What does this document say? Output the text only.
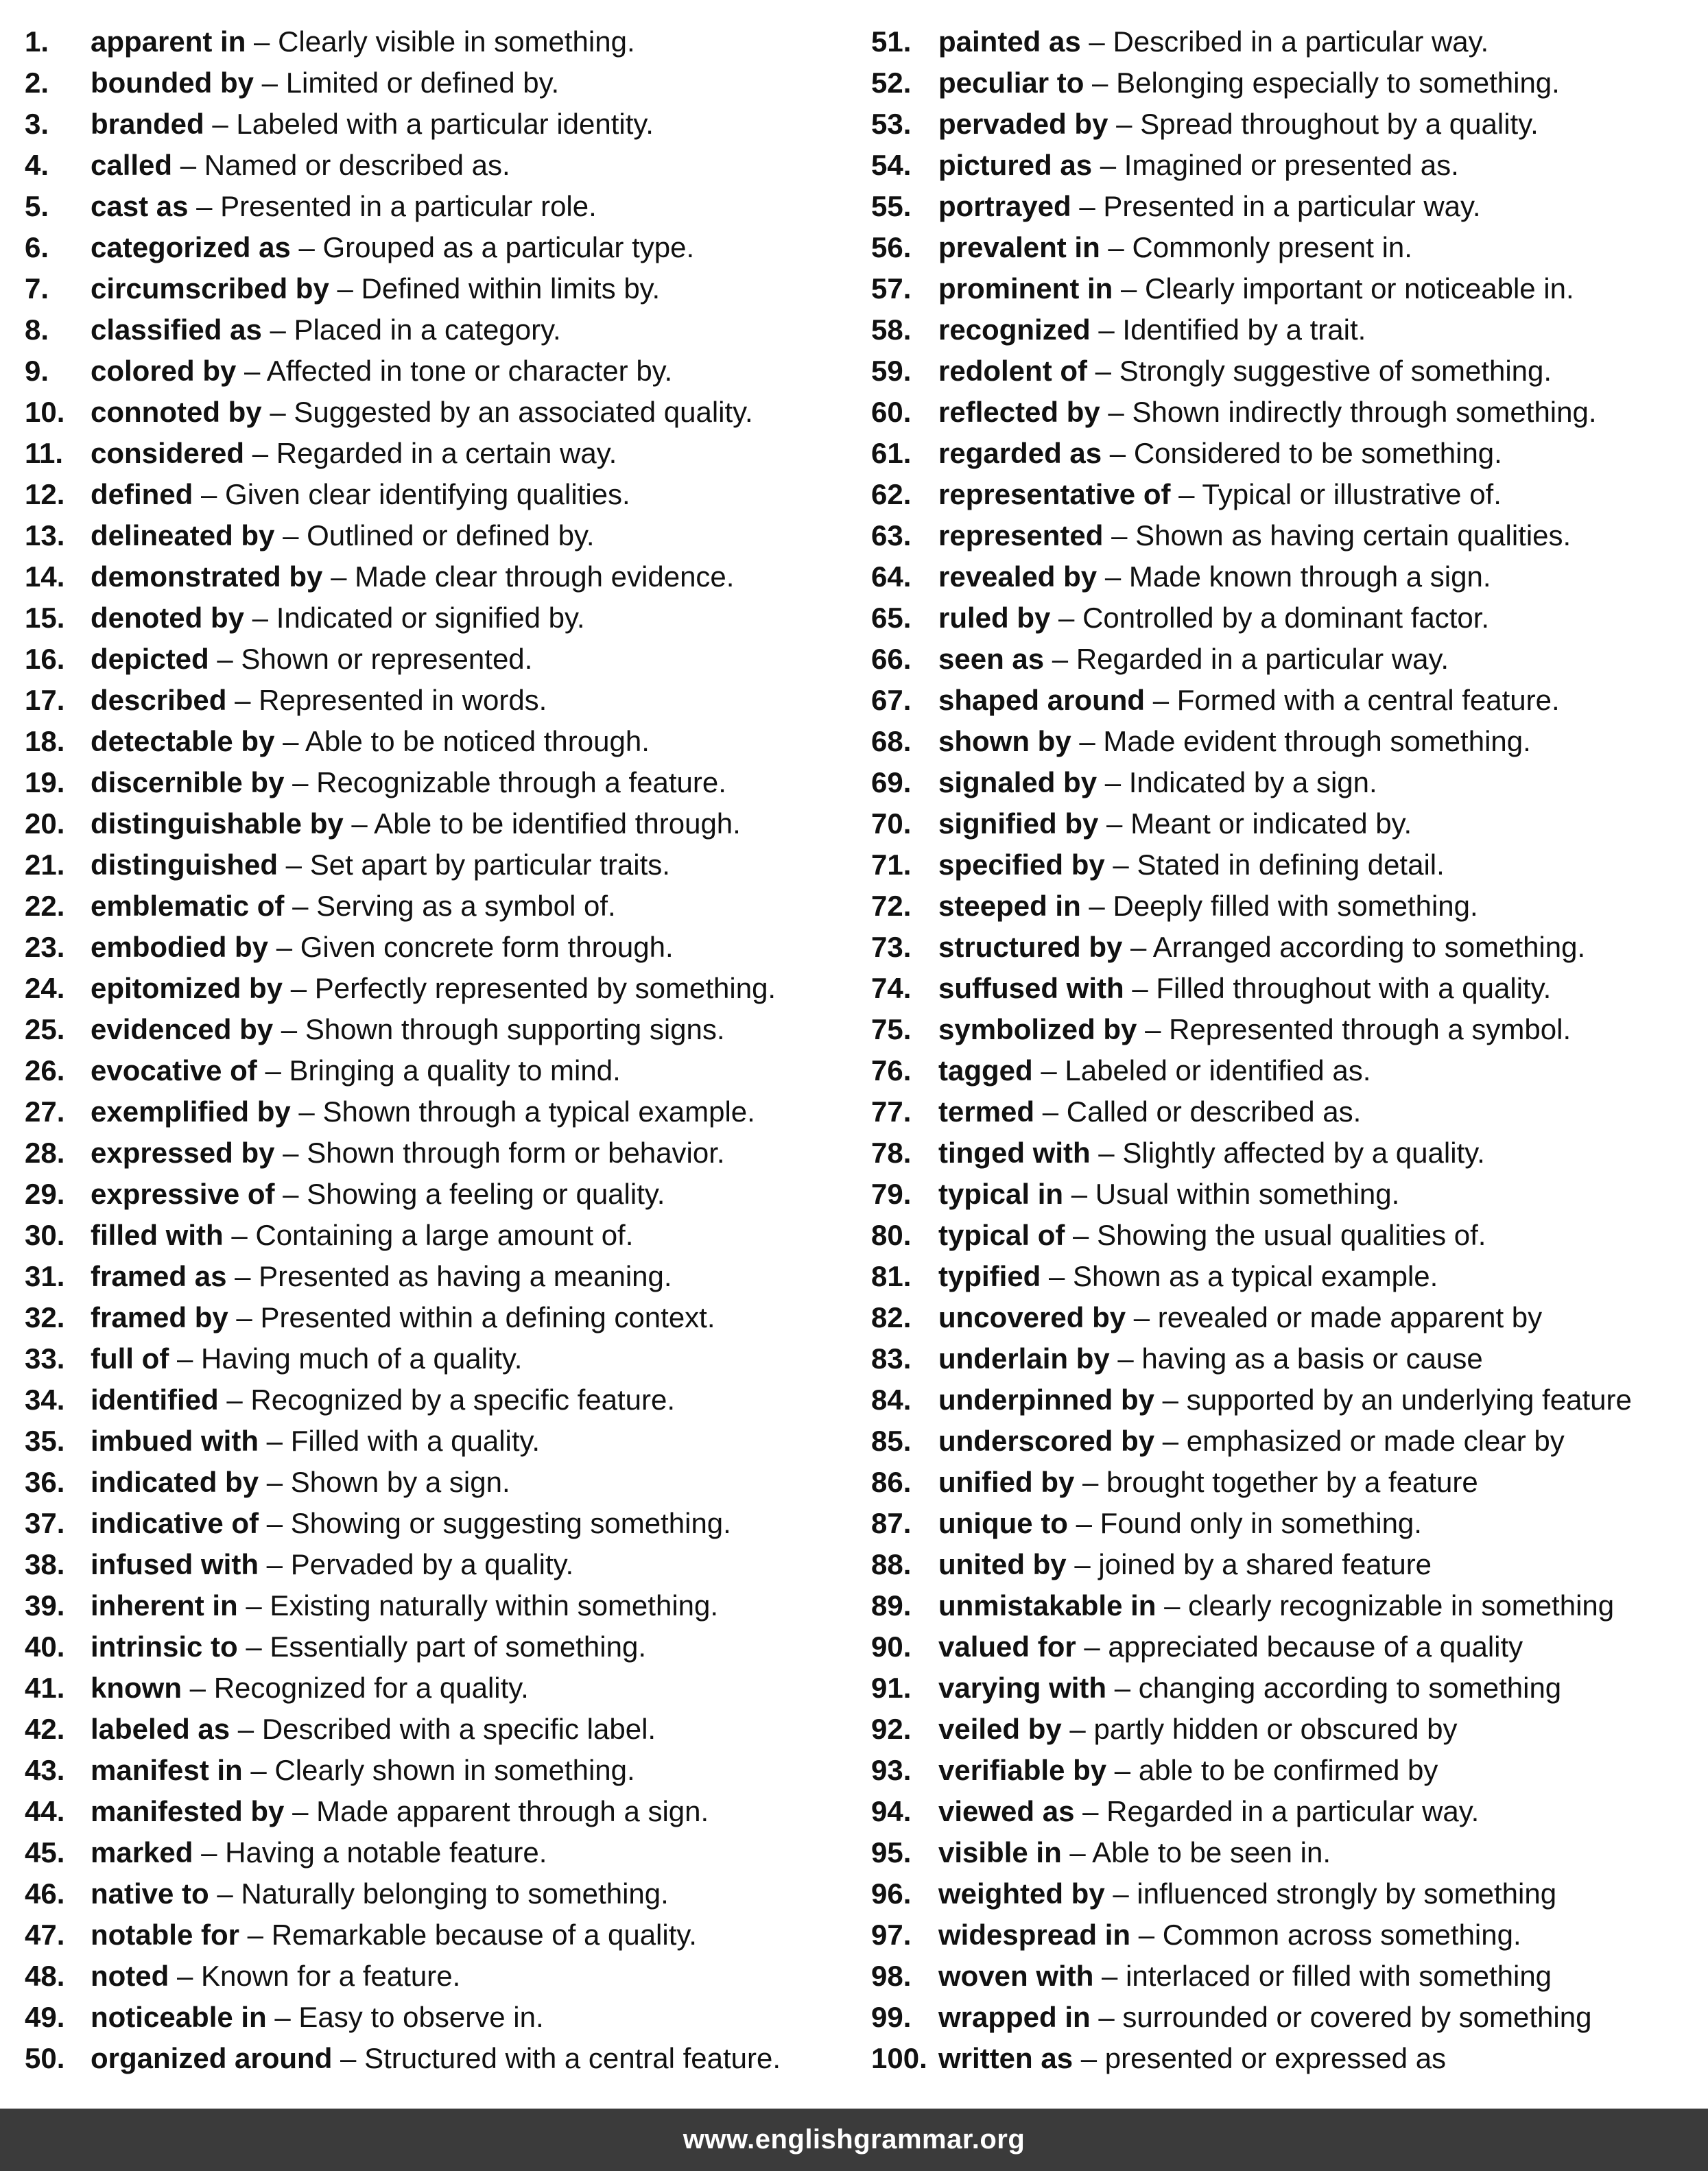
1. apparent in – Clearly visible in something.
2. bounded by – Limited or defined by.
3. branded – Labeled with a particular identity.
4. called – Named or described as.
5. cast as – Presented in a particular role.
6. categorized as – Grouped as a particular type.
7. circumscribed by – Defined within limits by.
8. classified as – Placed in a category.
9. colored by – Affected in tone or character by.
10. connoted by – Suggested by an associated quality.
11. considered – Regarded in a certain way.
12. defined – Given clear identifying qualities.
13. delineated by – Outlined or defined by.
14. demonstrated by – Made clear through evidence.
15. denoted by – Indicated or signified by.
16. depicted – Shown or represented.
17. described – Represented in words.
18. detectable by – Able to be noticed through.
19. discernible by – Recognizable through a feature.
20. distinguishable by – Able to be identified through.
21. distinguished – Set apart by particular traits.
22. emblematic of – Serving as a symbol of.
23. embodied by – Given concrete form through.
24. epitomized by – Perfectly represented by something.
25. evidenced by – Shown through supporting signs.
26. evocative of – Bringing a quality to mind.
27. exemplified by – Shown through a typical example.
28. expressed by – Shown through form or behavior.
29. expressive of – Showing a feeling or quality.
30. filled with – Containing a large amount of.
31. framed as – Presented as having a meaning.
32. framed by – Presented within a defining context.
33. full of – Having much of a quality.
34. identified – Recognized by a specific feature.
35. imbued with – Filled with a quality.
36. indicated by – Shown by a sign.
37. indicative of – Showing or suggesting something.
38. infused with – Pervaded by a quality.
39. inherent in – Existing naturally within something.
40. intrinsic to – Essentially part of something.
41. known – Recognized for a quality.
42. labeled as – Described with a specific label.
43. manifest in – Clearly shown in something.
44. manifested by – Made apparent through a sign.
45. marked – Having a notable feature.
46. native to – Naturally belonging to something.
47. notable for – Remarkable because of a quality.
48. noted – Known for a feature.
49. noticeable in – Easy to observe in.
50. organized around – Structured with a central feature.
51. painted as – Described in a particular way.
52. peculiar to – Belonging especially to something.
53. pervaded by – Spread throughout by a quality.
54. pictured as – Imagined or presented as.
55. portrayed – Presented in a particular way.
56. prevalent in – Commonly present in.
57. prominent in – Clearly important or noticeable in.
58. recognized – Identified by a trait.
59. redolent of – Strongly suggestive of something.
60. reflected by – Shown indirectly through something.
61. regarded as – Considered to be something.
62. representative of – Typical or illustrative of.
63. represented – Shown as having certain qualities.
64. revealed by – Made known through a sign.
65. ruled by – Controlled by a dominant factor.
66. seen as – Regarded in a particular way.
67. shaped around – Formed with a central feature.
68. shown by – Made evident through something.
69. signaled by – Indicated by a sign.
70. signified by – Meant or indicated by.
71. specified by – Stated in defining detail.
72. steeped in – Deeply filled with something.
73. structured by – Arranged according to something.
74. suffused with – Filled throughout with a quality.
75. symbolized by – Represented through a symbol.
76. tagged – Labeled or identified as.
77. termed – Called or described as.
78. tinged with – Slightly affected by a quality.
79. typical in – Usual within something.
80. typical of – Showing the usual qualities of.
81. typified – Shown as a typical example.
82. uncovered by – revealed or made apparent by
83. underlain by – having as a basis or cause
84. underpinned by – supported by an underlying feature
85. underscored by – emphasized or made clear by
86. unified by – brought together by a feature
87. unique to – Found only in something.
88. united by – joined by a shared feature
89. unmistakable in – clearly recognizable in something
90. valued for – appreciated because of a quality
91. varying with – changing according to something
92. veiled by – partly hidden or obscured by
93. verifiable by – able to be confirmed by
94. viewed as – Regarded in a particular way.
95. visible in – Able to be seen in.
96. weighted by – influenced strongly by something
97. widespread in – Common across something.
98. woven with – interlaced or filled with something
99. wrapped in – surrounded or covered by something
100. written as – presented or expressed as
www.englishgrammar.org
